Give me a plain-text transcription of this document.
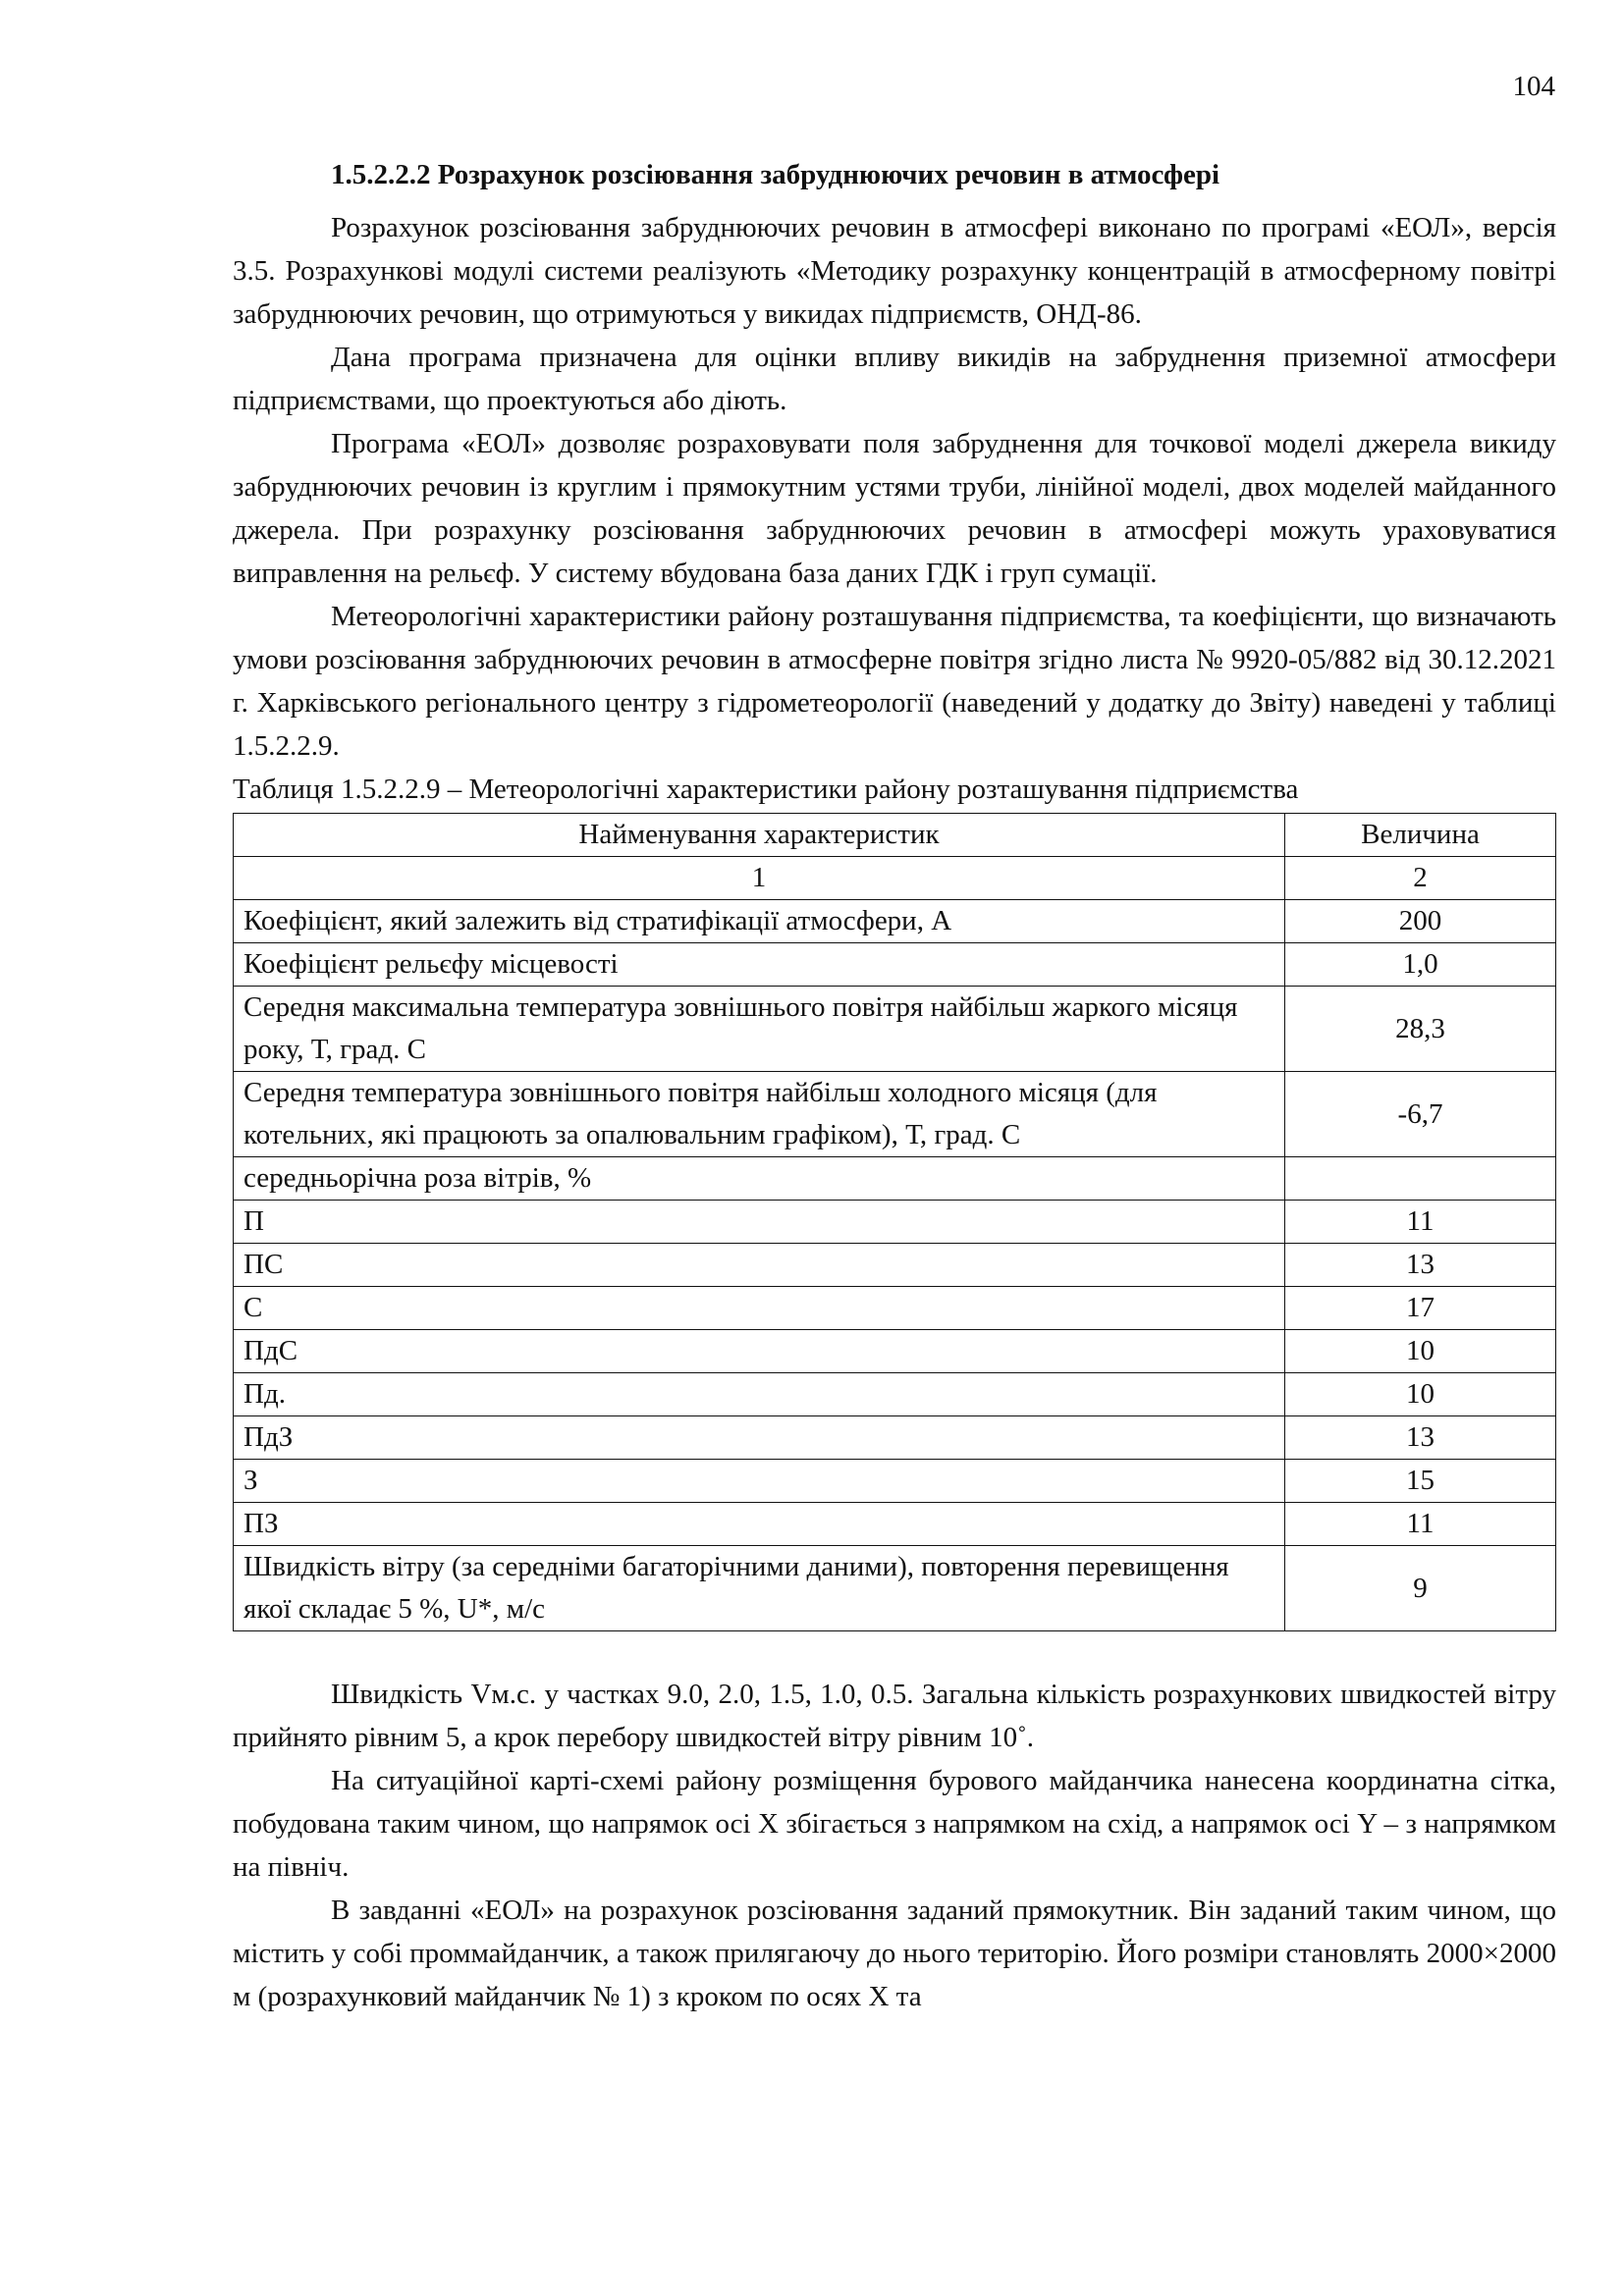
104
1.5.2.2.2 Розрахунок розсіювання забруднюючих речовин в атмосфері

Розрахунок розсіювання забруднюючих речовин в атмосфері виконано по програмі «ЕОЛ», версія 3.5. Розрахункові модулі системи реалізують «Методику розрахунку концентрацій в атмосферному повітрі забруднюючих речовин, що отримуються у викидах підприємств, ОНД-86.

Дана програма призначена для оцінки впливу викидів на забруднення приземної атмосфери підприємствами, що проектуються або діють.

Програма «ЕОЛ» дозволяє розраховувати поля забруднення для точкової моделі джерела викиду забруднюючих речовин із круглим і прямокутним устями труби, лінійної моделі, двох моделей майданного джерела. При розрахунку розсіювання забруднюючих речовин в атмосфері можуть ураховуватися виправлення на рельєф. У систему вбудована база даних ГДК і груп сумації.

Метеорологічні характеристики району розташування підприємства, та коефіцієнти, що визначають умови розсіювання забруднюючих речовин в атмосферне повітря згідно листа № 9920-05/882 від 30.12.2021 г. Харківського регіонального центру з гідрометеорології (наведений у додатку до Звіту) наведені у таблиці 1.5.2.2.9.

Таблиця 1.5.2.2.9 – Метеорологічні характеристики району розташування підприємства

Найменування характеристик	Величина
1	2
Коефіцієнт, який залежить від стратифікації атмосфери, А	200
Коефіцієнт рельєфу місцевості	1,0
Середня максимальна температура зовнішнього повітря найбільш жаркого місяця року, Т, град. С	28,3
Середня температура зовнішнього повітря найбільш холодного місяця (для котельних, які працюють за опалювальним графіком), Т, град. С	-6,7
середньорічна роза вітрів, %	
П	11
ПС	13
С	17
ПдС	10
Пд.	10
ПдЗ	13
З	15
ПЗ	11
Швидкість вітру (за середніми багаторічними даними), повторення перевищення якої складає 5 %, U*, м/с	9

Швидкість Vм.с. у частках 9.0, 2.0, 1.5, 1.0, 0.5. Загальна кількість розрахункових швидкостей вітру прийнято рівним 5, а крок перебору швидкостей вітру рівним 10˚.

На ситуаційної карті-схемі району розміщення бурового майданчика нанесена координатна сітка, побудована таким чином, що напрямок осі X збігається з напрямком на схід, а напрямок осі Y – з напрямком на північ.

В завданні «ЕОЛ» на розрахунок розсіювання заданий прямокутник. Він заданий таким чином, що містить у собі проммайданчик, а також прилягаючу до нього територію. Його розміри становлять 2000×2000 м (розрахунковий майданчик № 1) з кроком по осях X та
